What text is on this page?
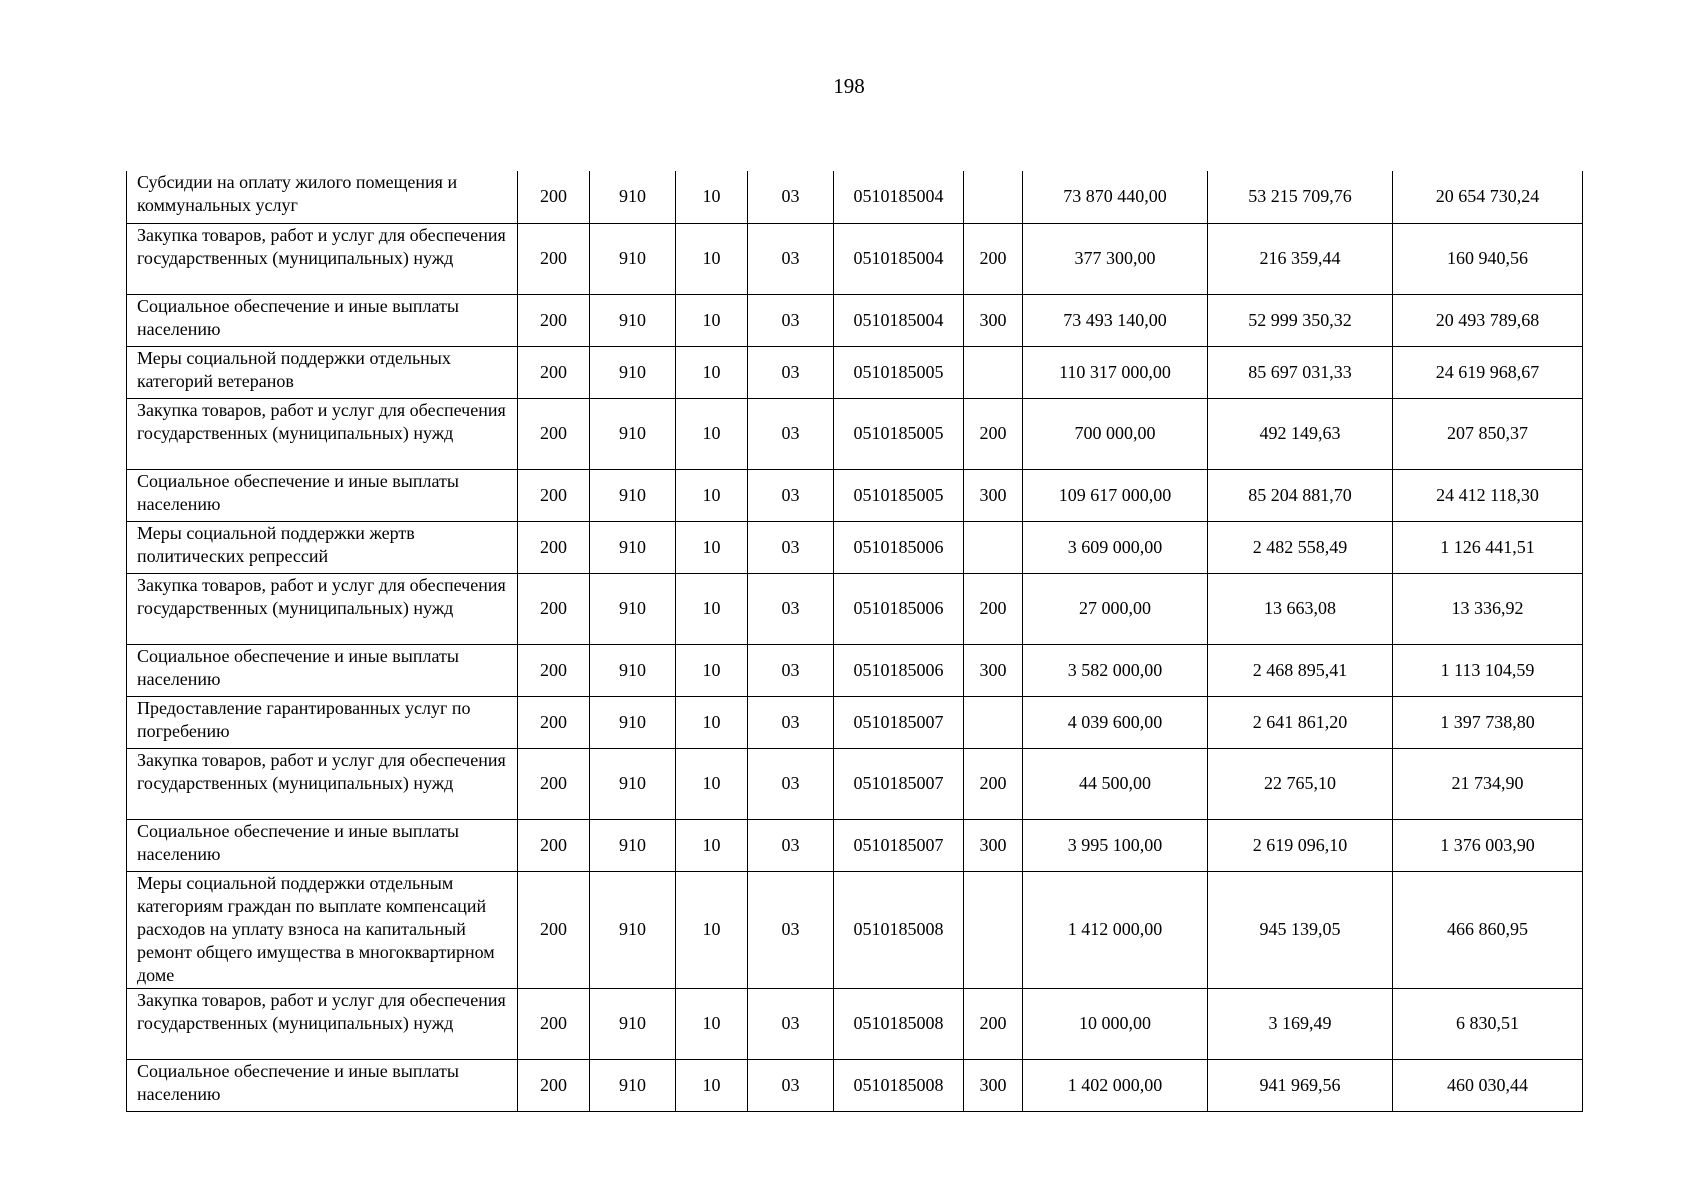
198
Субсидии на оплату жилого помещения и коммунальных услуг	200	910	10	03	0510185004		73 870 440,00	53 215 709,76	20 654 730,24
Закупка товаров, работ и услуг для обеспечения государственных (муниципальных) нужд	200	910	10	03	0510185004	200	377 300,00	216 359,44	160 940,56
Социальное обеспечение и иные выплаты населению	200	910	10	03	0510185004	300	73 493 140,00	52 999 350,32	20 493 789,68
Меры социальной поддержки отдельных категорий ветеранов	200	910	10	03	0510185005		110 317 000,00	85 697 031,33	24 619 968,67
Закупка товаров, работ и услуг для обеспечения государственных (муниципальных) нужд	200	910	10	03	0510185005	200	700 000,00	492 149,63	207 850,37
Социальное обеспечение и иные выплаты населению	200	910	10	03	0510185005	300	109 617 000,00	85 204 881,70	24 412 118,30
Меры социальной поддержки жертв политических репрессий	200	910	10	03	0510185006		3 609 000,00	2 482 558,49	1 126 441,51
Закупка товаров, работ и услуг для обеспечения государственных (муниципальных) нужд	200	910	10	03	0510185006	200	27 000,00	13 663,08	13 336,92
Социальное обеспечение и иные выплаты населению	200	910	10	03	0510185006	300	3 582 000,00	2 468 895,41	1 113 104,59
Предоставление гарантированных услуг по погребению	200	910	10	03	0510185007		4 039 600,00	2 641 861,20	1 397 738,80
Закупка товаров, работ и услуг для обеспечения государственных (муниципальных) нужд	200	910	10	03	0510185007	200	44 500,00	22 765,10	21 734,90
Социальное обеспечение и иные выплаты населению	200	910	10	03	0510185007	300	3 995 100,00	2 619 096,10	1 376 003,90
Меры социальной поддержки отдельным категориям граждан по выплате компенсаций расходов на уплату взноса на капитальный ремонт общего имущества в многоквартирном доме	200	910	10	03	0510185008		1 412 000,00	945 139,05	466 860,95
Закупка товаров, работ и услуг для обеспечения государственных (муниципальных) нужд	200	910	10	03	0510185008	200	10 000,00	3 169,49	6 830,51
Социальное обеспечение и иные выплаты населению	200	910	10	03	0510185008	300	1 402 000,00	941 969,56	460 030,44
